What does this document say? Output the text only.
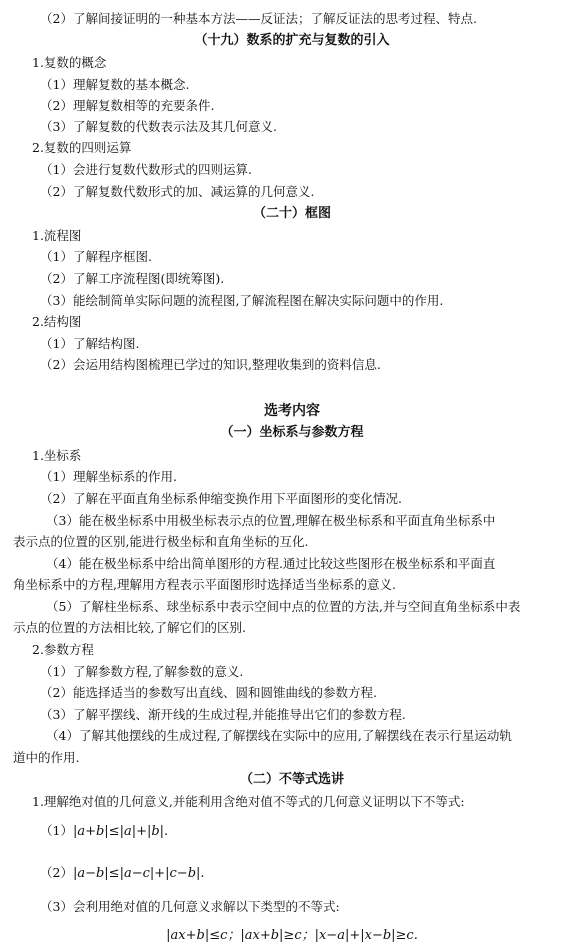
（2）了解间接证明的一种基本方法——反证法；了解反证法的思考过程、特点.
（十九）数系的扩充与复数的引入
1.复数的概念
（1）理解复数的基本概念.
（2）理解复数相等的充要条件.
（3）了解复数的代数表示法及其几何意义.
2.复数的四则运算
（1）会进行复数代数形式的四则运算.
（2）了解复数代数形式的加、减运算的几何意义.
（二十）框图
1.流程图
（1）了解程序框图.
（2）了解工序流程图(即统筹图).
（3）能绘制简单实际问题的流程图,了解流程图在解决实际问题中的作用.
2.结构图
（1）了解结构图.
（2）会运用结构图梳理已学过的知识,整理收集到的资料信息.
选考内容
（一）坐标系与参数方程
1.坐标系
（1）理解坐标系的作用.
（2）了解在平面直角坐标系伸缩变换作用下平面图形的变化情况.
（3）能在极坐标系中用极坐标表示点的位置,理解在极坐标系和平面直角坐标系中
表示点的位置的区别,能进行极坐标和直角坐标的互化.
（4）能在极坐标系中给出简单图形的方程.通过比较这些图形在极坐标系和平面直
角坐标系中的方程,理解用方程表示平面图形时选择适当坐标系的意义.
（5）了解柱坐标系、球坐标系中表示空间中点的位置的方法,并与空间直角坐标系中表
示点的位置的方法相比较,了解它们的区别.
2.参数方程
（1）了解参数方程,了解参数的意义.
（2）能选择适当的参数写出直线、圆和圆锥曲线的参数方程.
（3）了解平摆线、渐开线的生成过程,并能推导出它们的参数方程.
（4）了解其他摆线的生成过程,了解摆线在实际中的应用,了解摆线在表示行星运动轨
道中的作用.
（二）不等式选讲
1.理解绝对值的几何意义,并能利用含绝对值不等式的几何意义证明以下不等式:
（1）|a+b|≤|a|+|b|.
（2）|a−b|≤|a−c|+|c−b|.
（3）会利用绝对值的几何意义求解以下类型的不等式:
|ax+b|≤c；|ax+b|≥c；|x−a|+|x−b|≥c.
